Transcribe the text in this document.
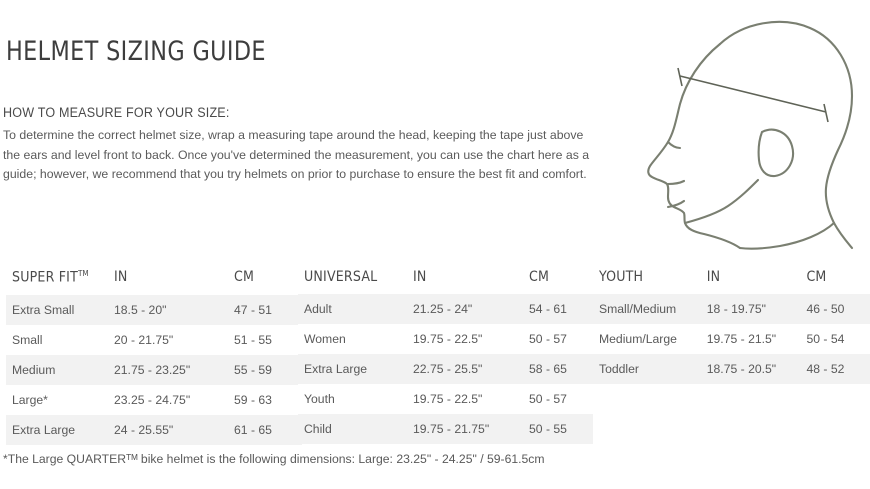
HELMET SIZING GUIDE
HOW TO MEASURE FOR YOUR SIZE:
To determine the correct helmet size, wrap a measuring tape around the head, keeping the tape just above the ears and level front to back. Once you've determined the measurement, you can use the chart here as a guide; however, we recommend that you try helmets on prior to purchase to ensure the best fit and comfort.
SUPER FIT™	IN	CM
Extra Small	18.5 - 20"	47 - 51
Small	20 - 21.75"	51 - 55
Medium	21.75 - 23.25"	55 - 59
Large*	23.25 - 24.75"	59 - 63
Extra Large	24 - 25.55"	61 - 65
UNIVERSAL	IN	CM
Adult	21.25 - 24"	54 - 61
Women	19.75 - 22.5"	50 - 57
Extra Large	22.75 - 25.5"	58 - 65
Youth	19.75 - 22.5"	50 - 57
Child	19.75 - 21.75"	50 - 55
YOUTH	IN	CM
Small/Medium	18 - 19.75"	46 - 50
Medium/Large	19.75 - 21.5"	50 - 54
Toddler	18.75 - 20.5"	48 - 52
*The Large QUARTERᵀᴹ bike helmet is the following dimensions: Large: 23.25" - 24.25" / 59-61.5cm
